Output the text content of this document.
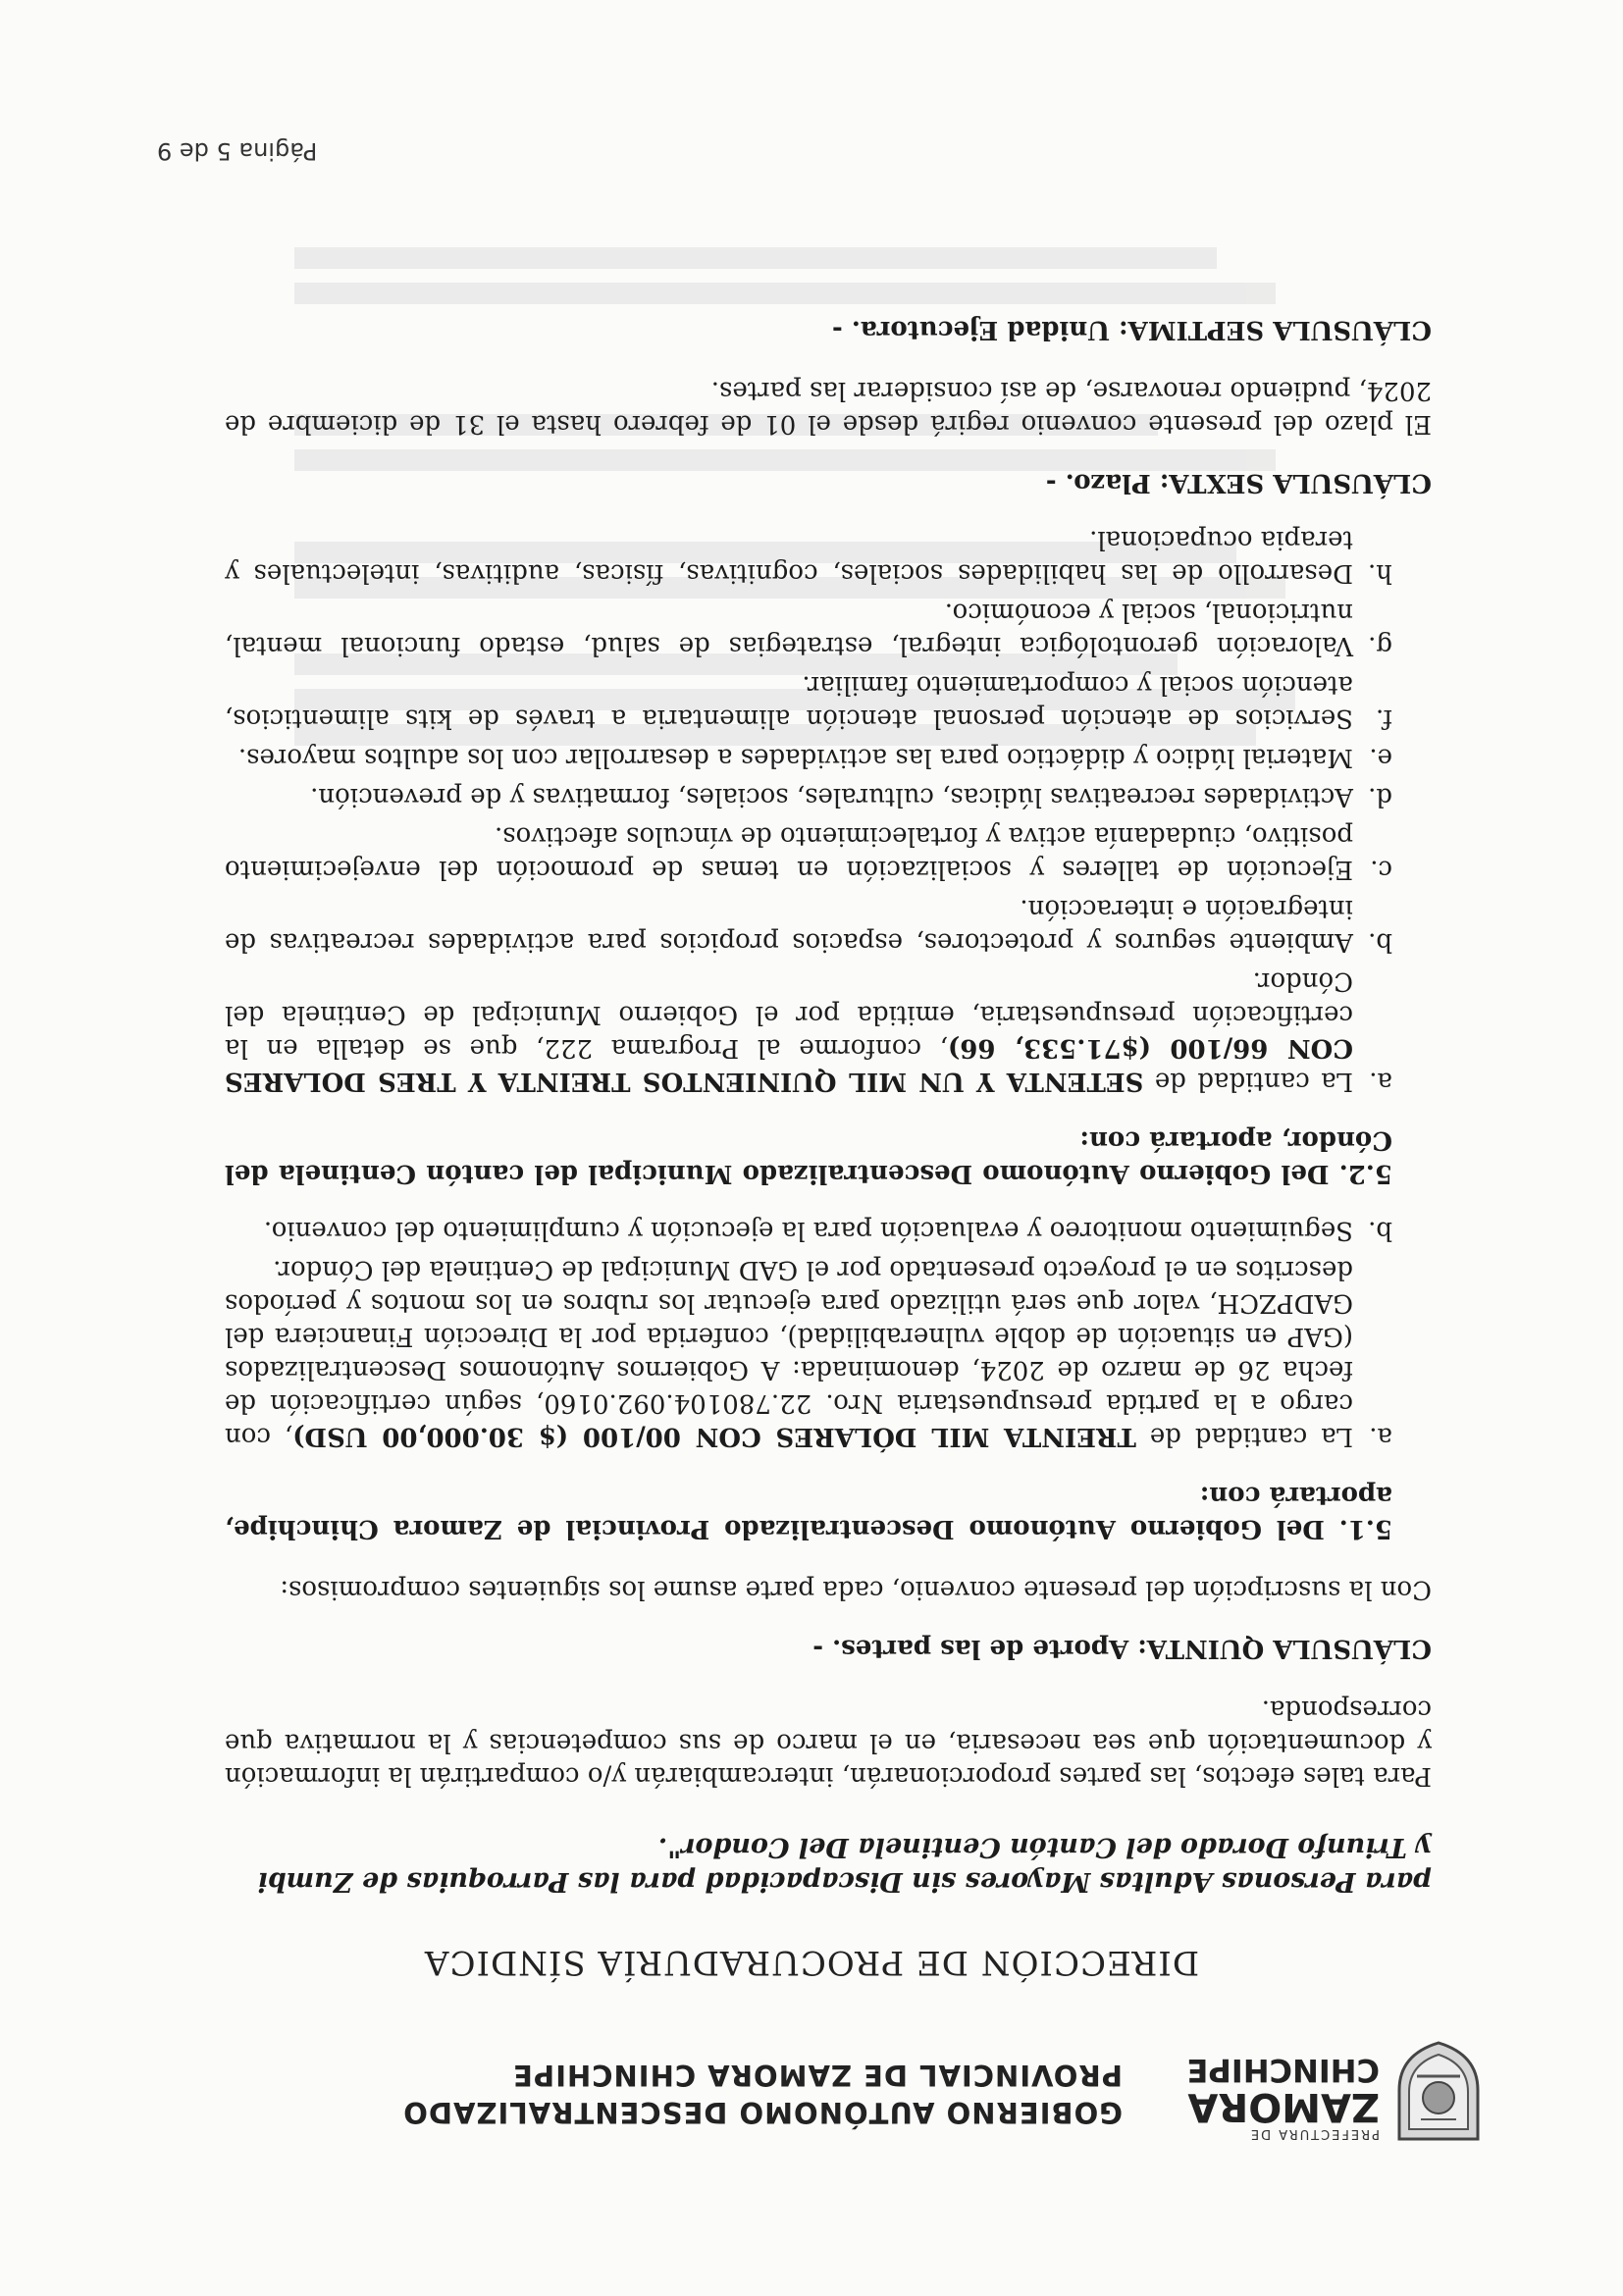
PREFECTURA DE
ZAMORA
CHINCHIPE
GOBIERNO AUTÓNOMO DESCENTRALIZADO
PROVINCIAL DE ZAMORA CHINCHIPE
DIRECCIÓN DE PROCURADURÍA SÍNDICA

para Personas Adultas Mayores sin Discapacidad para las Parroquias de Zumbi
y Triunfo Dorado del Cantón Centinela Del Condor".

Para tales efectos, las partes proporcionarán, intercambiarán y/o compartirán la información y documentación que sea necesaria, en el marco de sus competencias y la normativa que corresponda.

CLÁUSULA QUINTA: Aporte de las partes. -

Con la suscripción del presente convenio, cada parte asume los siguientes compromisos:

5.1. Del Gobierno Autónomo Descentralizado Provincial de Zamora Chinchipe, aportará con:

a.
La cantidad de TREINTA MIL DÓLARES CON 00/100 ($ 30.000,00 USD), con cargo a la partida presupuestaria Nro. 22.780104.092.0160, según certificación de fecha 26 de marzo de 2024, denominada: A Gobiernos Autónomos Descentralizados (GAP en situación de doble vulnerabilidad), conferida por la Dirección Financiera del GADPZCH, valor que será utilizado para ejecutar los rubros en los montos y períodos descritos en el proyecto presentado por el GAD Municipal de Centinela del Cóndor.
b.
Seguimiento monitoreo y evaluación para la ejecución y cumplimiento del convenio.

5.2. Del Gobierno Autónomo Descentralizado Municipal del cantón Centinela del Cóndor, aportará con:

a.
La cantidad de SETENTA Y UN MIL QUINIENTOS TREINTA Y TRES DOLARES CON 66/100 ($71.533, 66), conforme al Programa 222, que se detalla en la certificación presupuestaria, emitida por el Gobierno Municipal de Centinela del Cóndor.
b.
Ambiente seguros y protectores, espacios propicios para actividades recreativas de integración e interacción.
c.
Ejecución de talleres y socialización en temas de promoción del envejecimiento positivo, ciudadanía activa y fortalecimiento de vínculos afectivos.
d.
Actividades recreativas lúdicas, culturales, sociales, formativas y de prevención.
e.
Material lúdico y didáctico para las actividades a desarrollar con los adultos mayores.
f.
Servicios de atención personal atención alimentaria a través de kits alimenticios, atención social y comportamiento familiar.
g.
Valoración gerontológica integral, estrategias de salud, estado funcional mental, nutricional, social y económico.
h.
Desarrollo de las habilidades sociales, cognitivas, físicas, auditivas, intelectuales y terapia ocupacional.

CLÁUSULA SEXTA: Plazo. -

El plazo del presente convenio regirá desde el 01 de febrero hasta el 31 de diciembre de 2024, pudiendo renovarse, de así considerar las partes.

CLÁUSULA SEPTIMA: Unidad Ejecutora. -

Página 5 de 9
